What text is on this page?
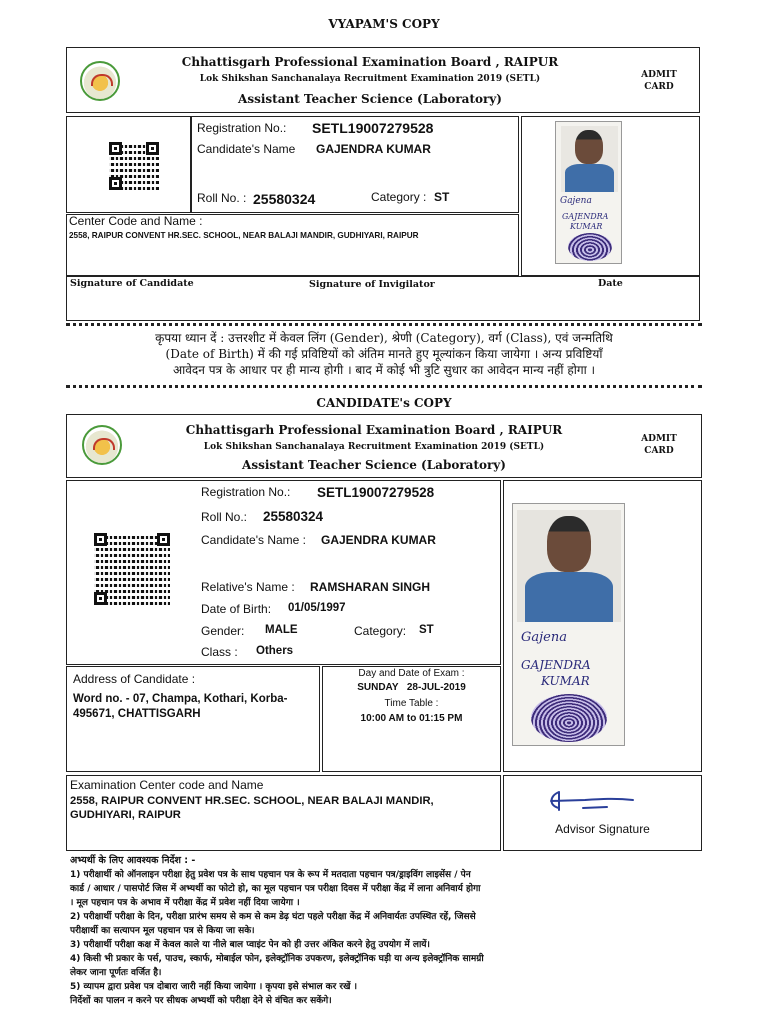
VYAPAM'S COPY
Chhattisgarh Professional Examination Board , RAIPUR
Lok Shikshan Sanchanalaya Recruitment Examination 2019 (SETL)
Assistant Teacher Science (Laboratory)
ADMIT
CARD
Registration No.: SETL19007279528
Candidate's Name GAJENDRA KUMAR
Roll No. : 25580324	Category : ST
Center Code and Name :
2558, RAIPUR CONVENT HR.SEC. SCHOOL, NEAR BALAJI MANDIR, GUDHIYARI, RAIPUR
Gajena
GAJENDRA
KUMAR
Signature of Candidate	Signature of Invigilator	Date
कृपया ध्यान दें : उत्तरशीट में केवल लिंग (Gender), श्रेणी (Category), वर्ग (Class), एवं जन्मतिथि
(Date of Birth) में की गई प्रविष्टियों को अंतिम मानते हुए मूल्यांकन किया जायेगा । अन्य प्रविष्टियाँ
आवेदन पत्र के आधार पर ही मान्य होगी । बाद में कोई भी त्रुटि सुधार का आवेदन मान्य नहीं होगा ।
CANDIDATE's COPY
Chhattisgarh Professional Examination Board , RAIPUR
Lok Shikshan Sanchanalaya Recruitment Examination 2019 (SETL)
Assistant Teacher Science (Laboratory)
ADMIT
CARD
Registration No.: SETL19007279528
Roll No.: 25580324
Candidate's Name : GAJENDRA KUMAR
Relative's Name : RAMSHARAN SINGH
Date of Birth: 01/05/1997
Gender: MALE	Category: ST
Class : Others
Address of Candidate :
Word no. - 07, Champa, Kothari, Korba-
495671, CHATTISGARH
Day and Date of Exam :
SUNDAY 28-JUL-2019
Time Table :
10:00 AM to 01:15 PM
Gajena
GAJENDRA
KUMAR
Examination Center code and Name
2558, RAIPUR CONVENT HR.SEC. SCHOOL, NEAR BALAJI MANDIR,
GUDHIYARI, RAIPUR
Advisor Signature
अभ्यर्थी के लिए आवश्यक निर्देश : -
1) परीक्षार्थी को ऑनलाइन परीक्षा हेतु प्रवेश पत्र के साथ पहचान पत्र के रूप में मतदाता पहचान पत्र/ड्राइविंग लाइसेंस / पेन
कार्ड / आधार / पासपोर्ट जिस में अभ्यर्थी का फोटो हो, का मूल पहचान पत्र परीक्षा दिवस में परीक्षा केंद्र में लाना अनिवार्य होगा
। मूल पहचान पत्र के अभाव में परीक्षा केंद्र में प्रवेश नहीं दिया जायेगा ।
2) परीक्षार्थी परीक्षा के दिन, परीक्षा प्रारंभ समय से कम से कम डेढ़ घंटा पहले परीक्षा केंद्र में अनिवार्यतः उपस्थित रहें, जिससे
परीक्षार्थी का सत्यापन मूल पहचान पत्र से किया जा सके।
3) परीक्षार्थी परीक्षा कक्ष में केवल काले या नीले बाल प्वाइंट पेन को ही उत्तर अंकित करने हेतु उपयोग में लायें।
4) किसी भी प्रकार के पर्स, पाउच, स्कार्फ, मोबाईल फोन, इलेक्ट्रॉनिक उपकरण, इलेक्ट्रॉनिक घड़ी या अन्य इलेक्ट्रॉनिक सामग्री
लेकर जाना पूर्णतः वर्जित है।
5) व्यापम द्वारा प्रवेश पत्र दोबारा जारी नहीं किया जायेगा । कृपया इसे संभाल कर रखें ।
निर्देशों का पालन न करने पर सीधक अभ्यर्थी को परीक्षा देने से वंचित कर सकेंगे।
